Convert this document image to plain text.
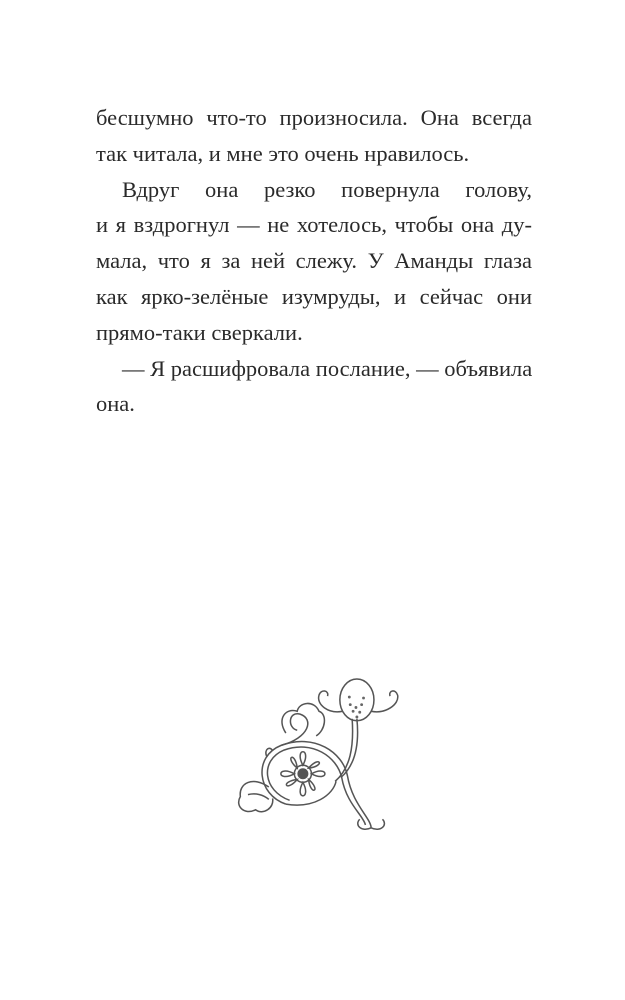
бесшумно что-то произносила. Она всегда
так читала, и мне это очень нравилось.
Вдруг она резко повернула голову,
и я вздрогнул — не хотелось, чтобы она ду-
мала, что я за ней слежу. У Аманды глаза
как ярко-зелёные изумруды, и сейчас они
прямо-таки сверкали.
— Я расшифровала послание, — объявила
она.
